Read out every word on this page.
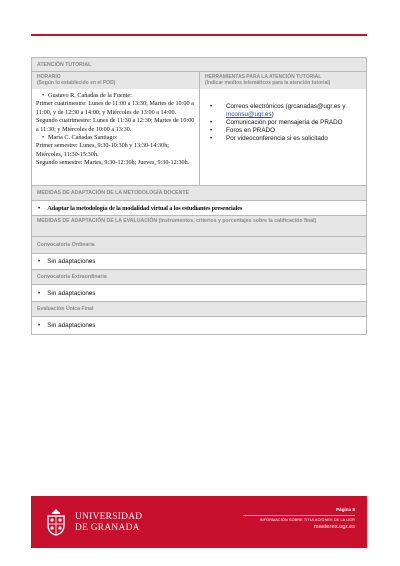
ATENCIÓN TUTORIAL
HORARIO
(Según lo establecido en el POD)
• Gustavo R. Cañadas de la Fuente:
Primer cuatrimestre: Lunes de 11:00 a 13:30; Martes de 10:00 a 11:00, y de 12:30 a 14:00; y Miércoles de 13:00 a 14:00.
Segundo cuatrimestre: Lunes de 11:30 a 12:30; Martes de 10:00 a 11:30; y Miércoles de 10:00 a 13:30.
• María C. Cañadas Santiago:
Primer semestre: Lunes, 9:30-10:30h y 13:30-14:30h; Miércoles, 11:30-15:30h.
Segundo semestre: Martes, 9:30-12:30h; Jueves, 9:30-12:30h.
HERRAMIENTAS PARA LA ATENCIÓN TUTORIAL
(Indicar medios telemáticos para la atención tutorial)
• Correos electrónicos (grcanadas@ugr.es y
mconsu@ugr.es)
• Comunicación por mensajería de PRADO
• Foros en PRADO
• Por videoconferencia si es solicitado
MEDIDAS DE ADAPTACIÓN DE LA METODOLOGÍA DOCENTE
• Adaptar la metodología de la modalidad virtual a los estudiantes presenciales
MEDIDAS DE ADAPTACIÓN DE LA EVALUACIÓN (Instrumentos, criterios y porcentajes sobre la calificación final)
Convocatoria Ordinaria
• Sin adaptaciones
Convocatoria Extraordinaria
• Sin adaptaciones
Evaluación Única Final
• Sin adaptaciones
UNIVERSIDAD
DE GRANADA
Página 8
INFORMACIÓN SOBRE TITULACIONES DE LA UGR
masteres.ugr.es
